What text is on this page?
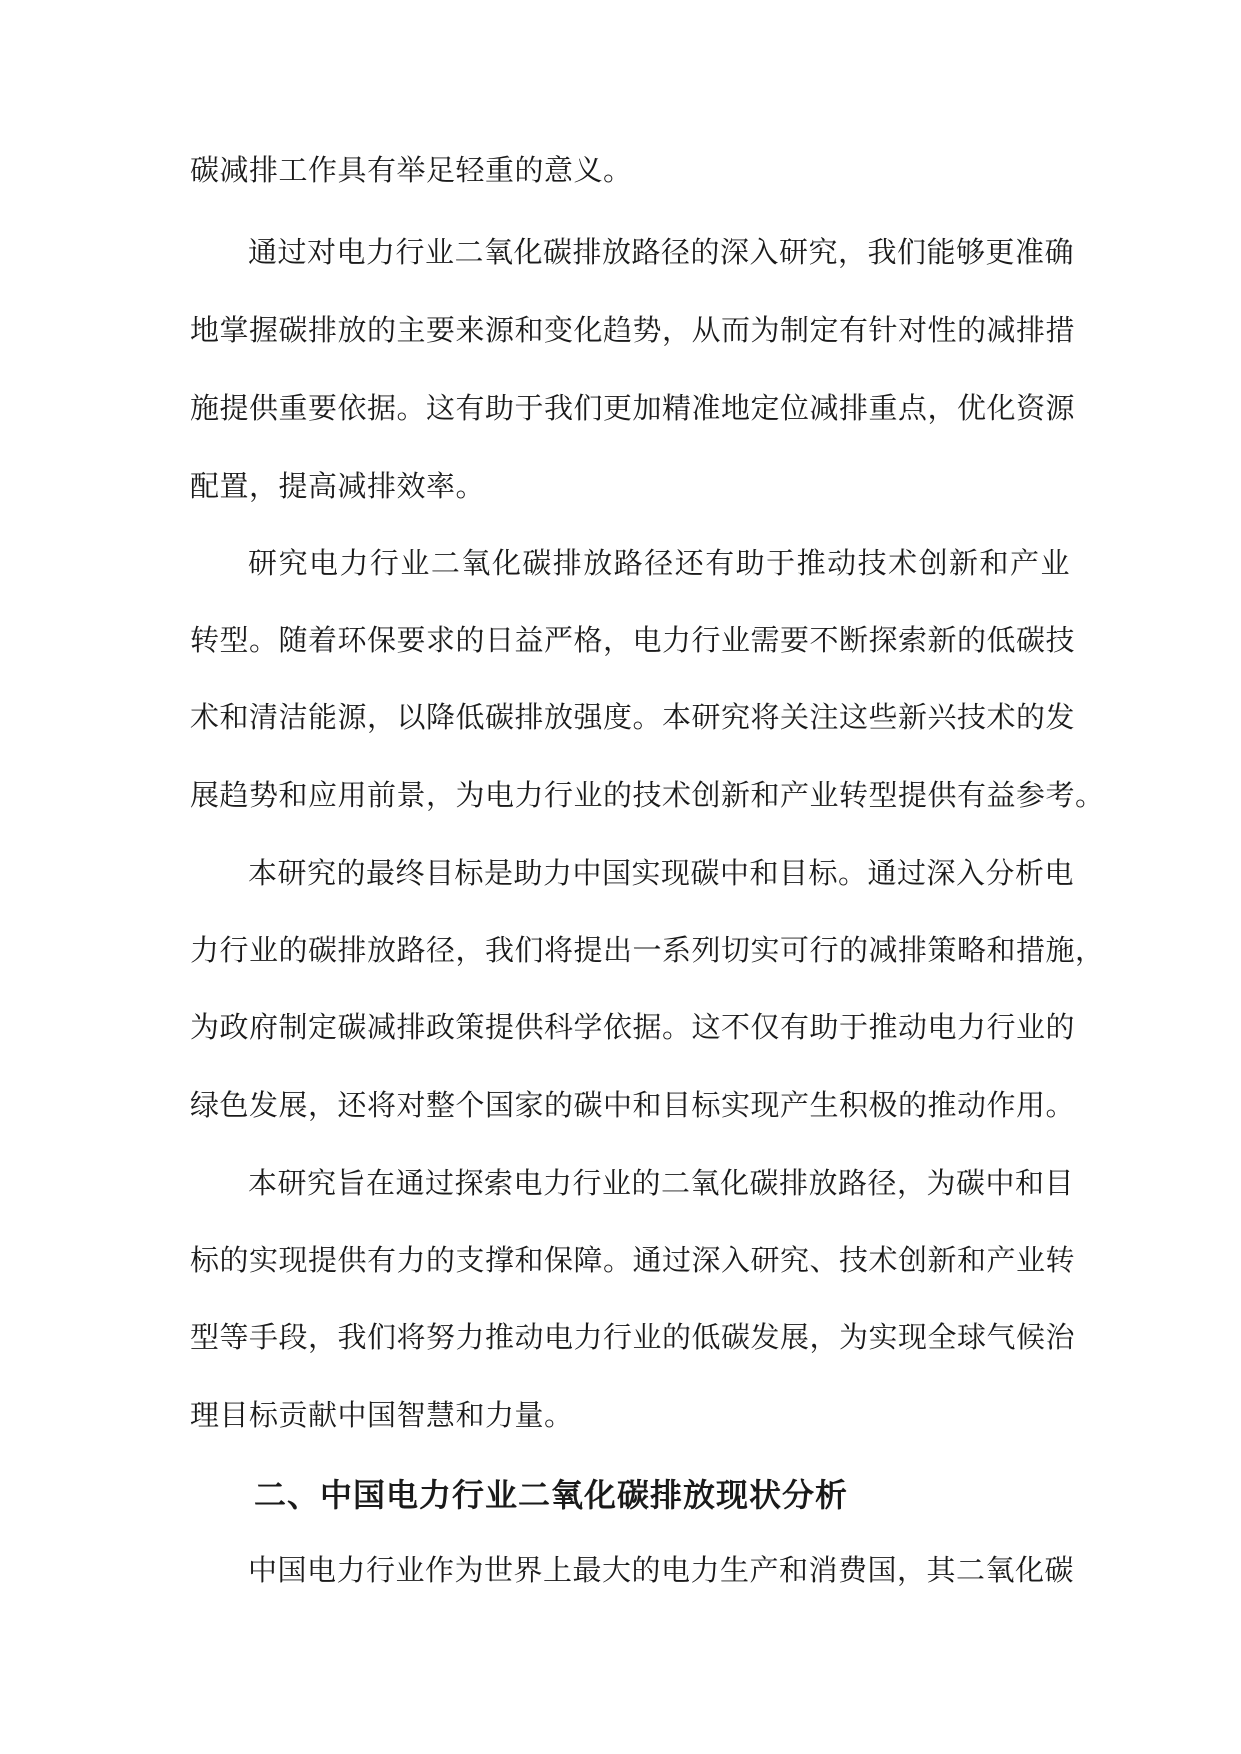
碳减排工作具有举足轻重的意义。
通过对电力行业二氧化碳排放路径的深入研究，我们能够更准确
地掌握碳排放的主要来源和变化趋势，从而为制定有针对性的减排措
施提供重要依据。这有助于我们更加精准地定位减排重点，优化资源
配置，提高减排效率。
研究电力行业二氧化碳排放路径还有助于推动技术创新和产业
转型。随着环保要求的日益严格，电力行业需要不断探索新的低碳技
术和清洁能源，以降低碳排放强度。本研究将关注这些新兴技术的发
展趋势和应用前景，为电力行业的技术创新和产业转型提供有益参考。
本研究的最终目标是助力中国实现碳中和目标。通过深入分析电
力行业的碳排放路径，我们将提出一系列切实可行的减排策略和措施，
为政府制定碳减排政策提供科学依据。这不仅有助于推动电力行业的
绿色发展，还将对整个国家的碳中和目标实现产生积极的推动作用。
本研究旨在通过探索电力行业的二氧化碳排放路径，为碳中和目
标的实现提供有力的支撑和保障。通过深入研究、技术创新和产业转
型等手段，我们将努力推动电力行业的低碳发展，为实现全球气候治
理目标贡献中国智慧和力量。
二、中国电力行业二氧化碳排放现状分析
中国电力行业作为世界上最大的电力生产和消费国，其二氧化碳
